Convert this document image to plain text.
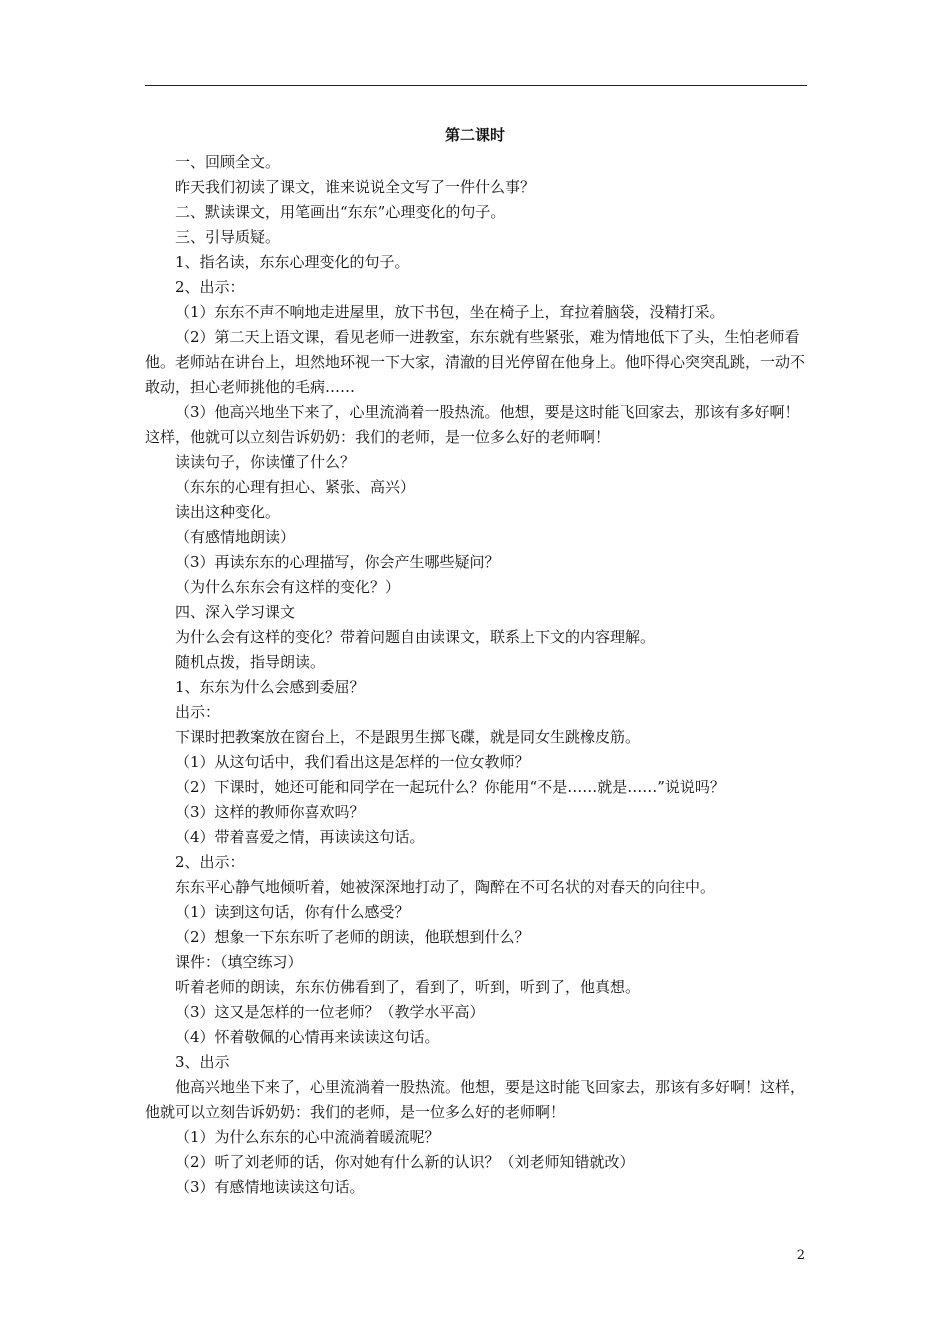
第二课时

一、回顾全文。

昨天我们初读了课文，谁来说说全文写了一件什么事？

二、默读课文，用笔画出“东东”心理变化的句子。

三、引导质疑。

1、指名读，东东心理变化的句子。

2、出示：

（1）东东不声不响地走进屋里，放下书包，坐在椅子上，耷拉着脑袋，没精打采。

（2）第二天上语文课，看见老师一进教室，东东就有些紧张，难为情地低下了头，生怕老师看他。老师站在讲台上，坦然地环视一下大家，清澈的目光停留在他身上。他吓得心突突乱跳，一动不敢动，担心老师挑他的毛病……

（3）他高兴地坐下来了，心里流淌着一股热流。他想，要是这时能飞回家去，那该有多好啊！这样，他就可以立刻告诉奶奶：我们的老师，是一位多么好的老师啊！

读读句子，你读懂了什么？

（东东的心理有担心、紧张、高兴）

读出这种变化。

（有感情地朗读）

（3）再读东东的心理描写，你会产生哪些疑问？

（为什么东东会有这样的变化？）

四、深入学习课文

为什么会有这样的变化？带着问题自由读课文，联系上下文的内容理解。

随机点拨，指导朗读。

1、东东为什么会感到委屈？

出示：

下课时把教案放在窗台上，不是跟男生掷飞碟，就是同女生跳橡皮筋。

（1）从这句话中，我们看出这是怎样的一位女教师？

（2）下课时，她还可能和同学在一起玩什么？你能用“不是……就是……”说说吗？

（3）这样的教师你喜欢吗？

（4）带着喜爱之情，再读读这句话。

2、出示：

东东平心静气地倾听着，她被深深地打动了，陶醉在不可名状的对春天的向往中。

（1）读到这句话，你有什么感受？

（2）想象一下东东听了老师的朗读，他联想到什么？

课件：（填空练习）

听着老师的朗读，东东仿佛看到了，看到了，听到，听到了，他真想。

（3）这又是怎样的一位老师？（教学水平高）

（4）怀着敬佩的心情再来读读这句话。

3、出示

他高兴地坐下来了，心里流淌着一股热流。他想，要是这时能飞回家去，那该有多好啊！这样，他就可以立刻告诉奶奶：我们的老师，是一位多么好的老师啊！

（1）为什么东东的心中流淌着暖流呢？

（2）听了刘老师的话，你对她有什么新的认识？（刘老师知错就改）

（3）有感情地读读这句话。

2
